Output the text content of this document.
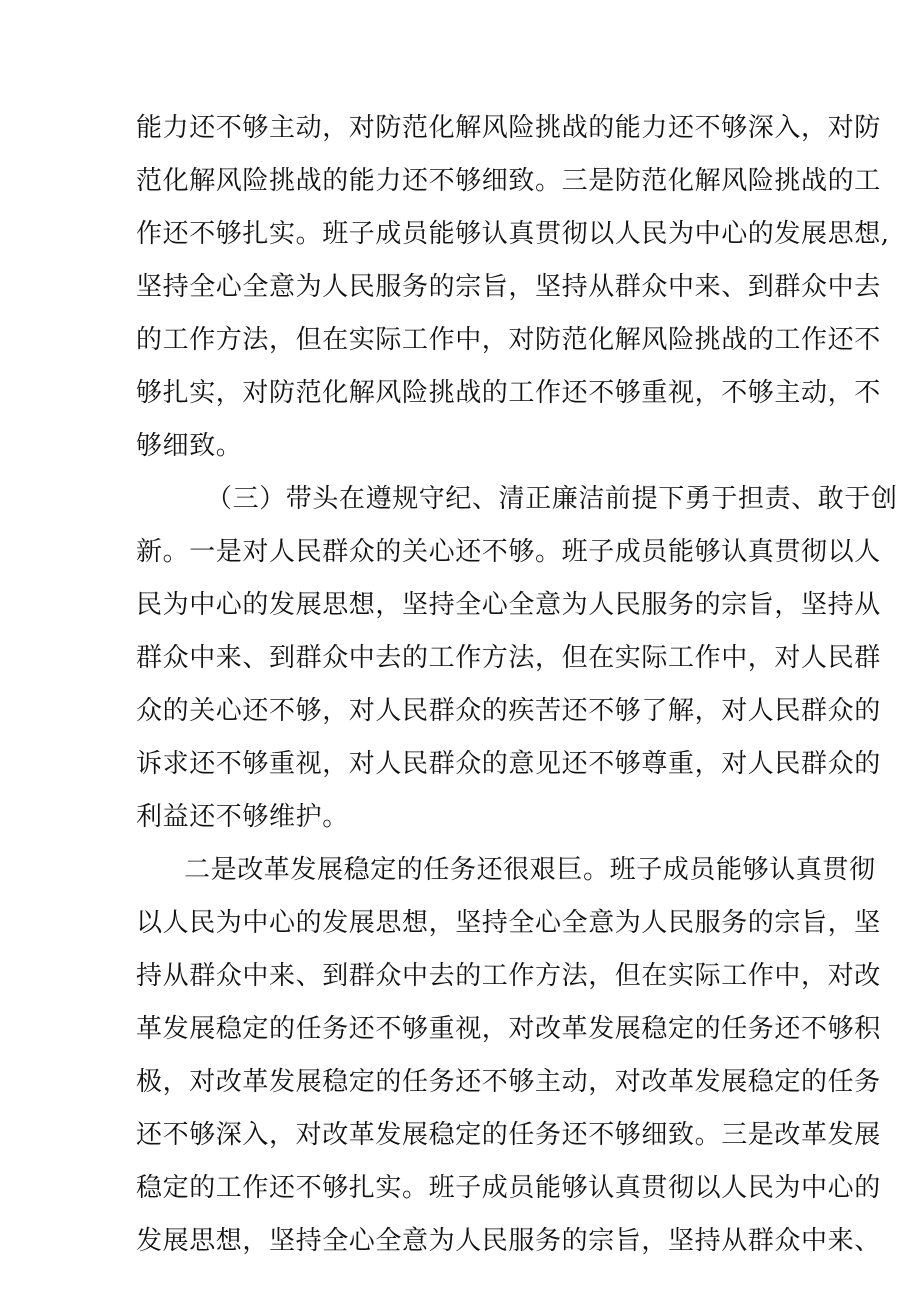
能力还不够主动，对防范化解风险挑战的能力还不够深入，对防
范化解风险挑战的能力还不够细致。三是防范化解风险挑战的工
作还不够扎实。班子成员能够认真贯彻以人民为中心的发展思想,
坚持全心全意为人民服务的宗旨，坚持从群众中来、到群众中去
的工作方法，但在实际工作中，对防范化解风险挑战的工作还不
够扎实，对防范化解风险挑战的工作还不够重视，不够主动，不
够细致。
（三）带头在遵规守纪、清正廉洁前提下勇于担责、敢于创
新。一是对人民群众的关心还不够。班子成员能够认真贯彻以人
民为中心的发展思想，坚持全心全意为人民服务的宗旨，坚持从
群众中来、到群众中去的工作方法，但在实际工作中，对人民群
众的关心还不够，对人民群众的疾苦还不够了解，对人民群众的
诉求还不够重视，对人民群众的意见还不够尊重，对人民群众的
利益还不够维护。
二是改革发展稳定的任务还很艰巨。班子成员能够认真贯彻
以人民为中心的发展思想，坚持全心全意为人民服务的宗旨，坚
持从群众中来、到群众中去的工作方法，但在实际工作中，对改
革发展稳定的任务还不够重视，对改革发展稳定的任务还不够积
极，对改革发展稳定的任务还不够主动，对改革发展稳定的任务
还不够深入，对改革发展稳定的任务还不够细致。三是改革发展
稳定的工作还不够扎实。班子成员能够认真贯彻以人民为中心的
发展思想，坚持全心全意为人民服务的宗旨，坚持从群众中来、
